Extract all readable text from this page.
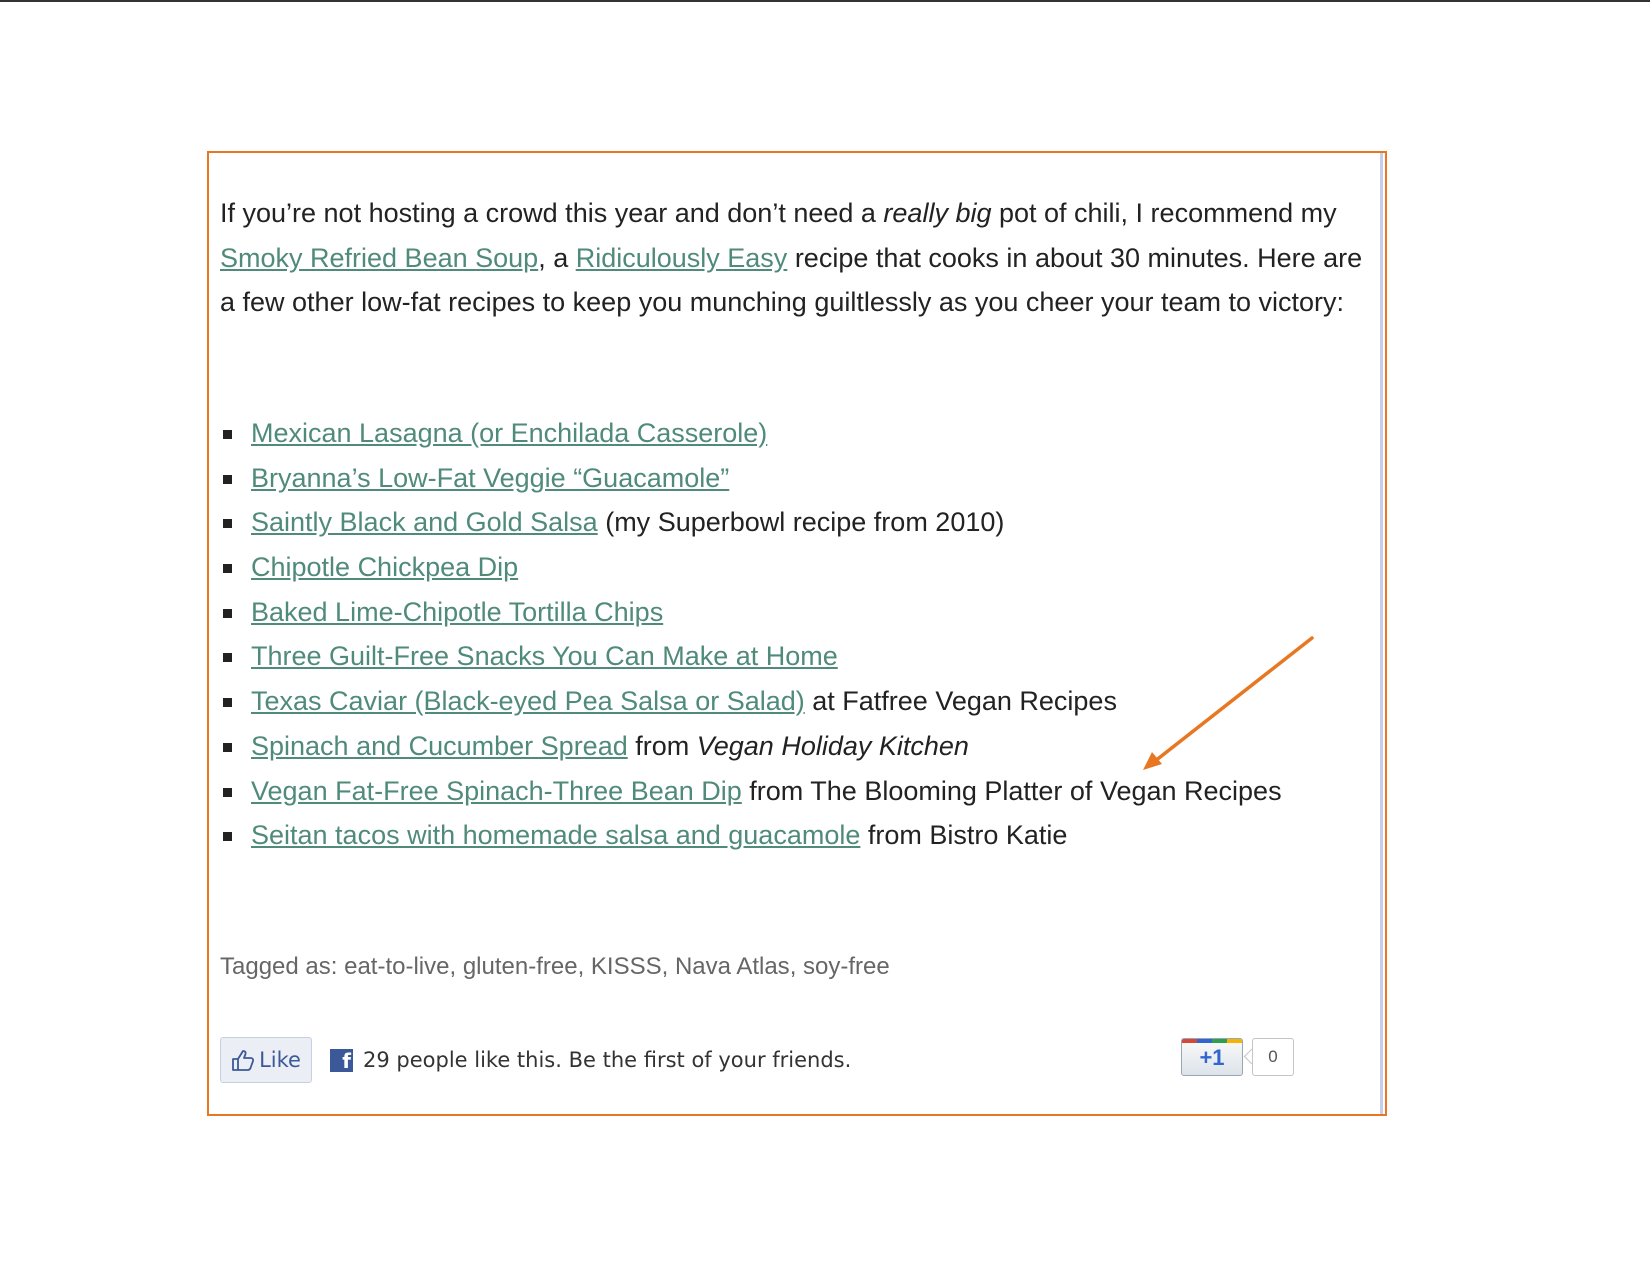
If you’re not hosting a crowd this year and don’t need a really big pot of chili, I recommend my Smoky Refried Bean Soup, a Ridiculously Easy recipe that cooks in about 30 minutes. Here are a few other low-fat recipes to keep you munching guiltlessly as you cheer your team to victory:

Mexican Lasagna (or Enchilada Casserole)
Bryanna’s Low-Fat Veggie “Guacamole”
Saintly Black and Gold Salsa (my Superbowl recipe from 2010)
Chipotle Chickpea Dip
Baked Lime-Chipotle Tortilla Chips
Three Guilt-Free Snacks You Can Make at Home
Texas Caviar (Black-eyed Pea Salsa or Salad) at Fatfree Vegan Recipes
Spinach and Cucumber Spread from Vegan Holiday Kitchen
Vegan Fat-Free Spinach-Three Bean Dip from The Blooming Platter of Vegan Recipes
Seitan tacos with homemade salsa and guacamole from Bistro Katie
Tagged as: eat-to-live, gluten-free, KISSS, Nava Atlas, soy-free
Like	f 29 people like this. Be the first of your friends.	+1	0
